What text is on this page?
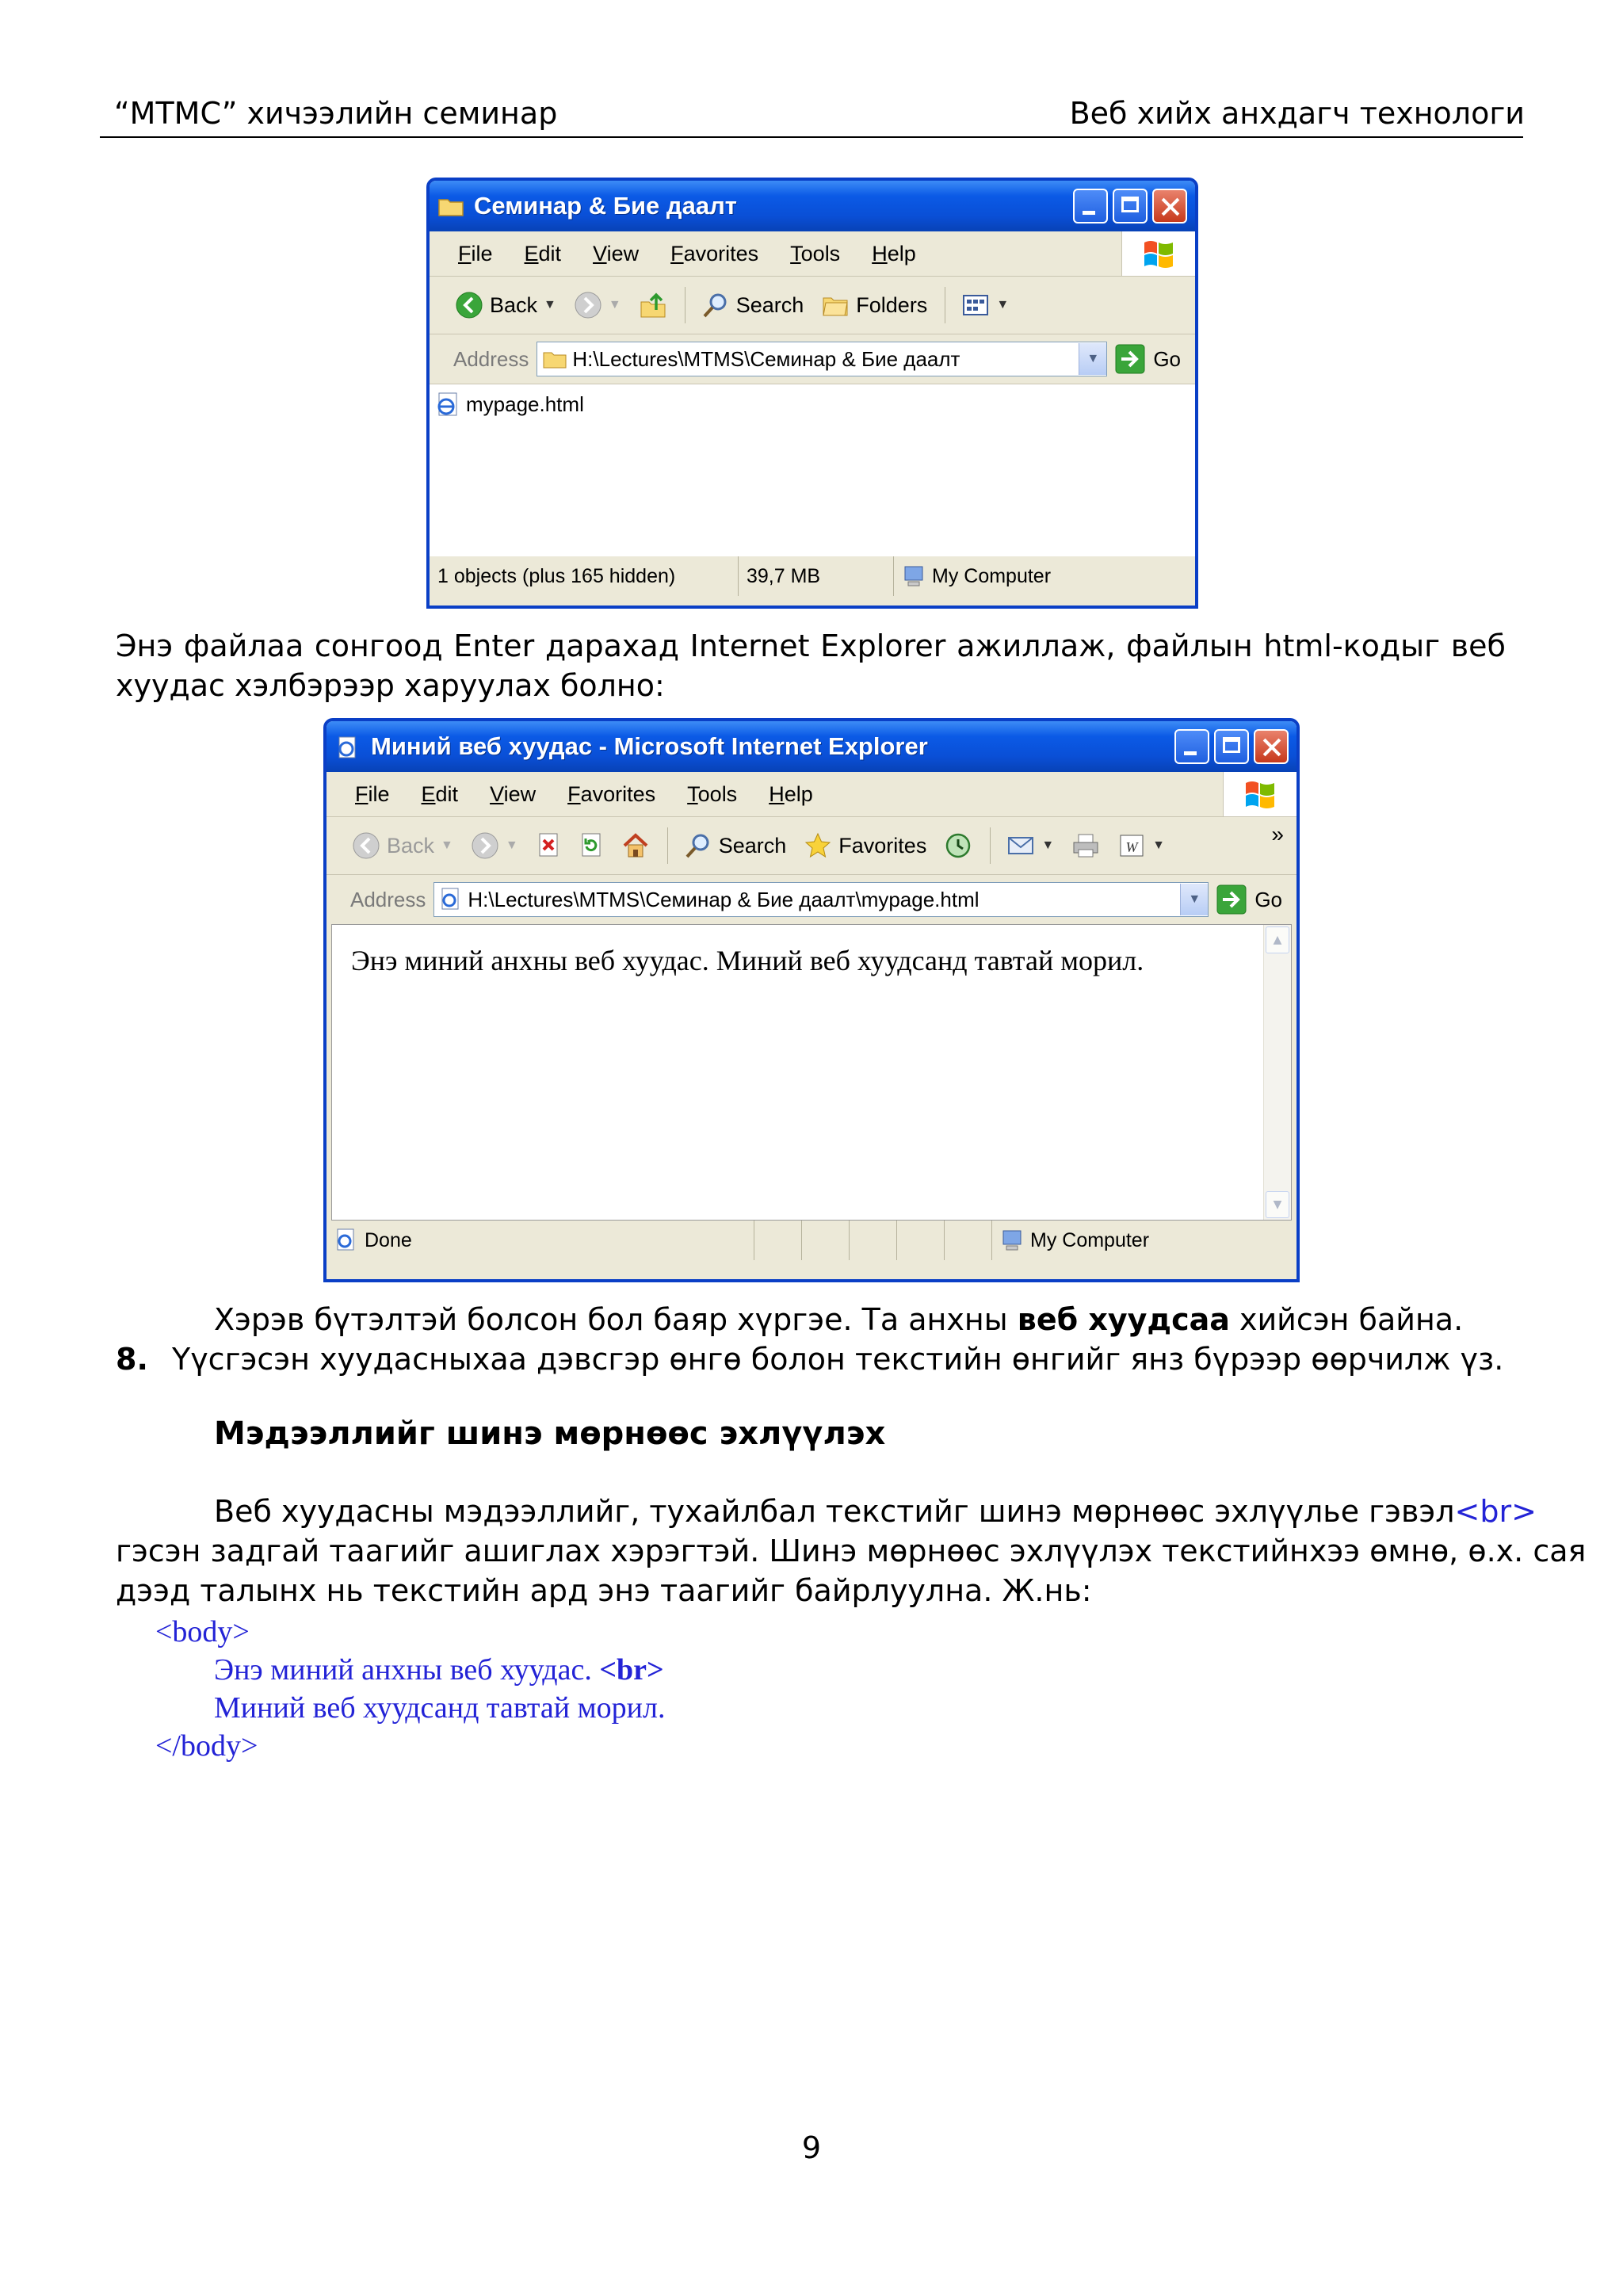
“MTMC” хичээлийн семинар	Веб хийх анхдагч технологи
Семинар & Бие даалт
File Edit View Favorites Tools Help
Back ▼	▼	Search Folders	▼
Address H:\Lectures\MTMS\Семинар & Бие даалт	▼	Go
mypage.html
1 objects (plus 165 hidden)	39,7 MB	My Computer
Энэ файлаа сонгоод Enter дарахад Internet Explorer ажиллаж, файлын html-кодыг веб хуудас хэлбэрээр харуулах болно:
Миний веб хуудас - Microsoft Internet Explorer
File Edit View Favorites Tools Help
Back ▼	▼	Search Favorites	▼	W ▼	»
Address H:\Lectures\MTMS\Семинар & Бие даалт\mypage.html	▼	Go
Энэ миний анхны веб хуудас. Миний веб хуудсанд тавтай морил.
▲
▼
Done	My Computer
Хэрэв бүтэлтэй болсон бол баяр хүргэе. Та анхны веб хуудсаа хийсэн байна.
8. Үүсгэсэн хуудасныхаа дэвсгэр өнгө болон текстийн өнгийг янз бүрээр өөрчилж үз.
Мэдээллийг шинэ мөрнөөс эхлүүлэх
Веб хуудасны мэдээллийг, тухайлбал текстийг шинэ мөрнөөс эхлүүлье гэвэл <br>
гэсэн задгай таагийг ашиглах хэрэгтэй. Шинэ мөрнөөс эхлүүлэх текстийнхээ өмнө, ө.х. сая
дээд талынх нь текстийн ард энэ таагийг байрлуулна. Ж.нь:
<body>
Энэ миний анхны веб хуудас. <br>
Миний веб хуудсанд тавтай морил.
</body>
9
